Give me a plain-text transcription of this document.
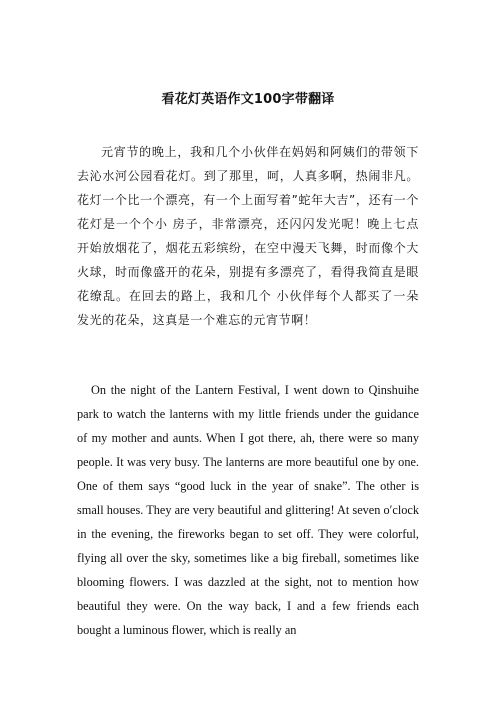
看花灯英语作文100字带翻译

元宵节的晚上，我和几个小伙伴在妈妈和阿姨们的带领下去沁水河公园看花灯。到了那里，呵，人真多啊，热闹非凡。花灯一个比一个漂亮，有一个上面写着”蛇年大吉”，还有一个花灯是一个个小 房子，非常漂亮，还闪闪发光呢！晚上七点开始放烟花了，烟花五彩缤纷，在空中漫天飞舞，时而像个大火球，时而像盛开的花朵，别提有多漂亮了，看得我简直是眼花缭乱。在回去的路上，我和几个 小伙伴每个人都买了一朵发光的花朵，这真是一个难忘的元宵节啊！

On the night of the Lantern Festival, I went down to Qinshuihe park to watch the lanterns with my little friends under the guidance of my mother and aunts. When I got there, ah, there were so many people. It was very busy. The lanterns are more beautiful one by one. One of them says “good luck in the year of snake”. The other is small houses. They are very beautiful and glittering! At seven o′clock in the evening, the fireworks began to set off. They were colorful, flying all over the sky, sometimes like a big fireball, sometimes like blooming flowers. I was dazzled at the sight, not to mention how beautiful they were. On the way back, I and a few friends each bought a luminous flower, which is really an
